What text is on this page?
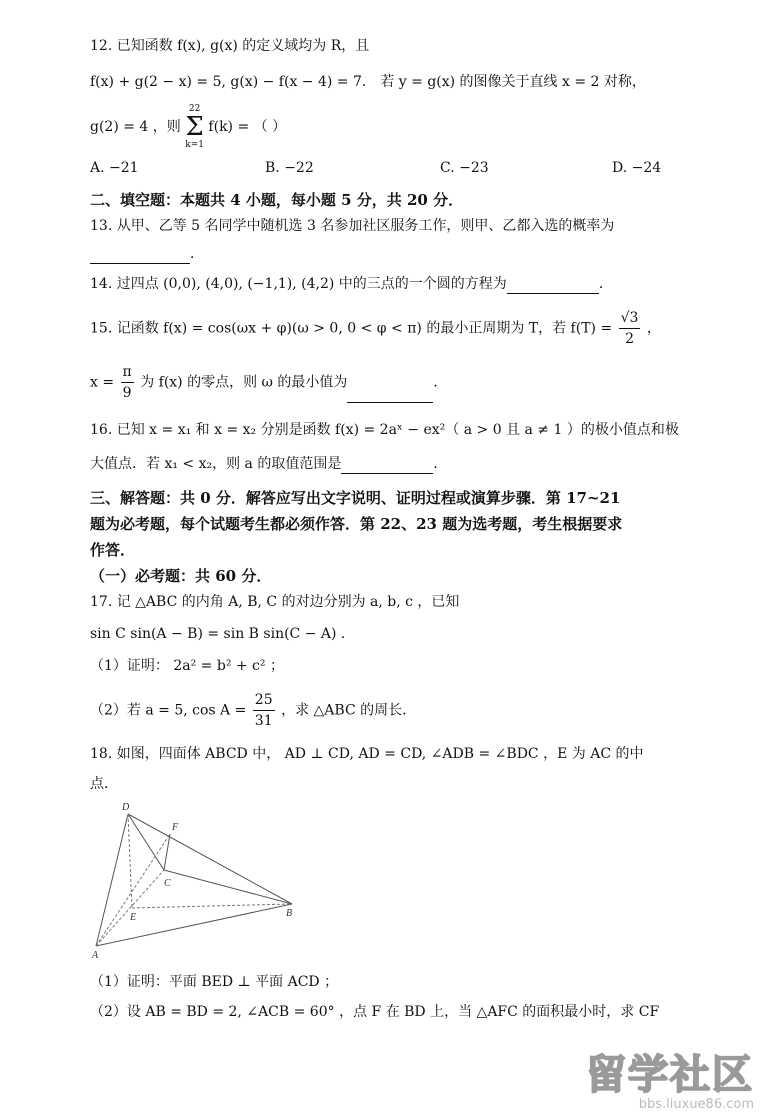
12. 已知函数 f(x), g(x) 的定义域均为 R，且
f(x) + g(2 − x) = 5, g(x) − f(x − 4) = 7． 若 y = g(x) 的图像关于直线 x = 2 对称，
g(2) = 4 ，则 22
Σ
k=1 f(k) = （ ）
A. −21	B. −22	C. −23	D. −24
二、填空题：本题共 4 小题，每小题 5 分，共 20 分．
13. 从甲、乙等 5 名同学中随机选 3 名参加社区服务工作，则甲、乙都入选的概率为
．
14. 过四点 (0,0), (4,0), (−1,1), (4,2) 中的三点的一个圆的方程为	．
15. 记函数 f(x) = cos(ωx + φ)(ω > 0, 0 < φ < π) 的最小正周期为 T，若 $f(T) = \frac{√3}{2}$ ，
$x = \frac{\pi}{9}$ 为 f(x) 的零点，则 ω 的最小值为	．
16. 已知 x = x₁ 和 x = x₂ 分别是函数 f(x) = 2aˣ − ex²（ a > 0 且 a ≠ 1 ）的极小值点和极
大值点．若 x₁ < x₂，则 a 的取值范围是	．
三、解答题：共 0 分．解答应写出文字说明、证明过程或演算步骤．第 17~21
题为必考题，每个试题考生都必须作答．第 22、23 题为选考题，考生根据要求
作答．
（一）必考题：共 60 分．
17. 记 △ABC 的内角 A, B, C 的对边分别为 a, b, c ，已知
sin C sin(A − B) = sin B sin(C − A) ．
（1）证明： 2a² = b² + c² ；
（2）若 a = 5, $\cos A = \frac{25}{31}$ ，求 △ABC 的周长．
18. 如图，四面体 ABCD 中， AD ⊥ CD, AD = CD, ∠ADB = ∠BDC ，E 为 AC 的中
点．
D
F
C
E	B
A
（1）证明：平面 BED ⊥ 平面 ACD ；
（2）设 AB = BD = 2, ∠ACB = 60° ，点 F 在 BD 上，当 △AFC 的面积最小时，求 CF
留学社区
bbs.liuxue86.com
